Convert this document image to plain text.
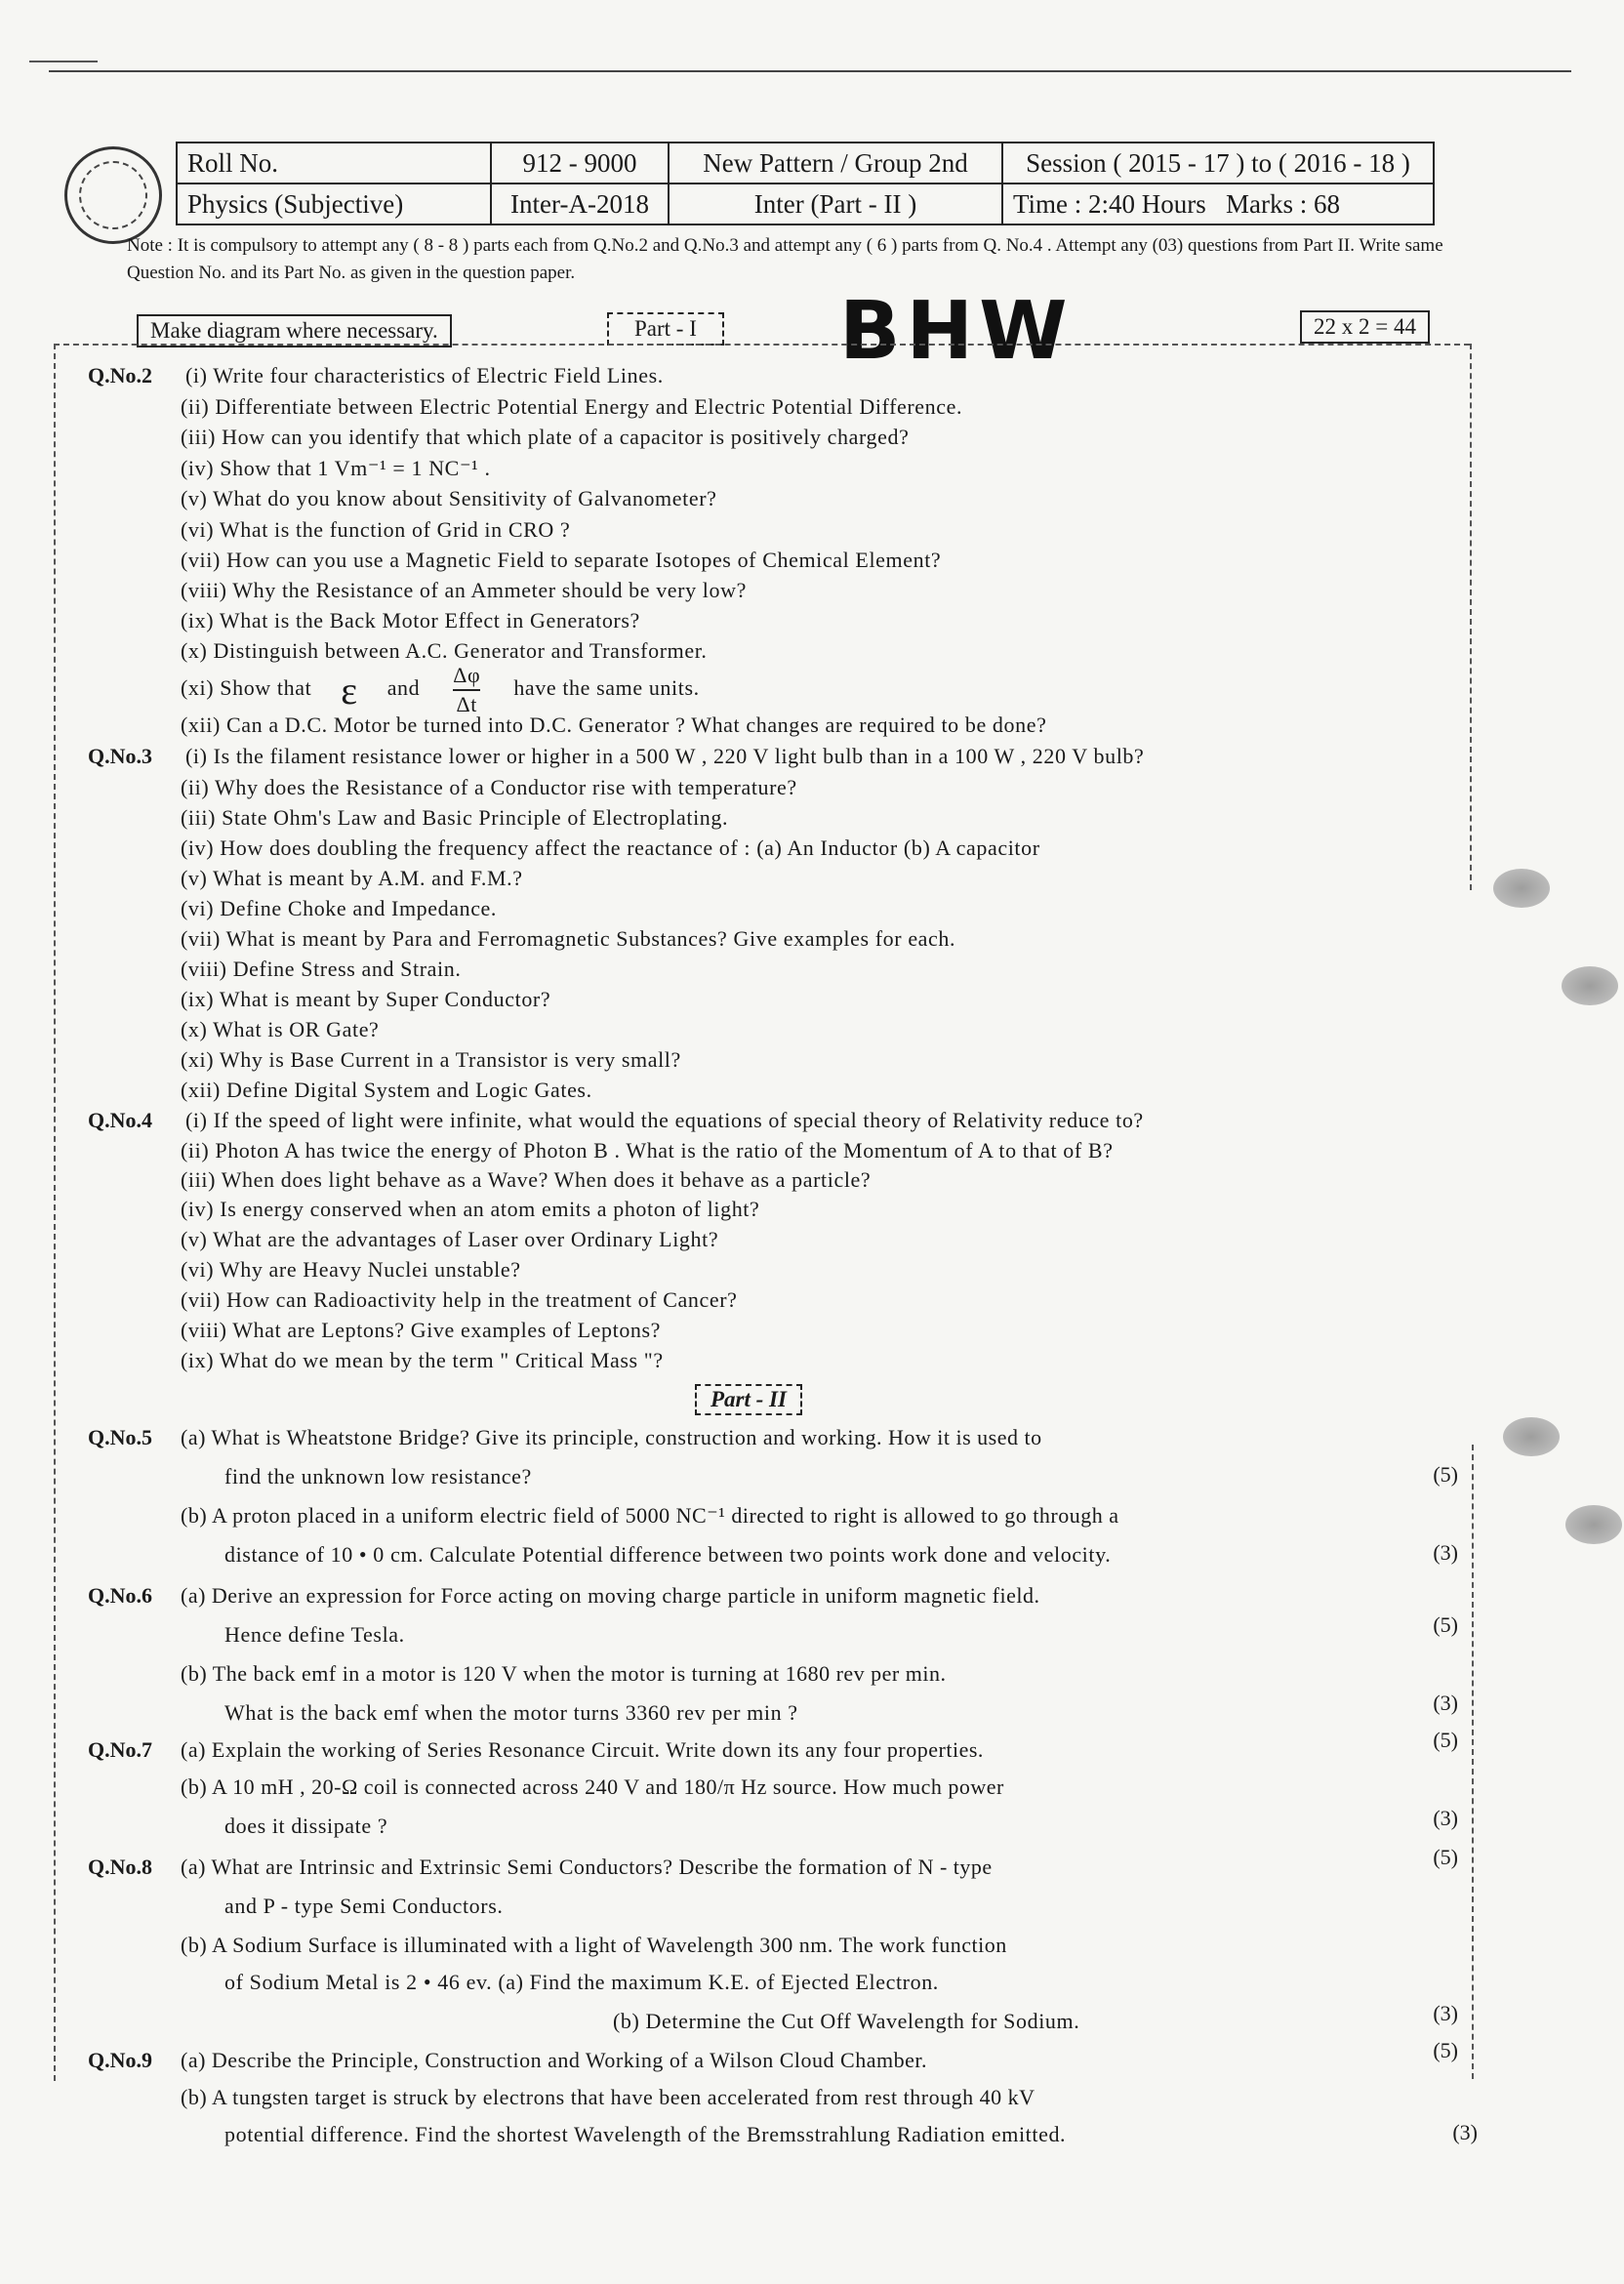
Roll No.	912 - 9000	New Pattern / Group 2nd	Session ( 2015 - 17 ) to ( 2016 - 18 )
Physics (Subjective)	Inter-A-2018	Inter (Part - II )	Time : 2:40 Hours Marks : 68
Note : It is compulsory to attempt any ( 8 - 8 ) parts each from Q.No.2 and Q.No.3 and attempt any ( 6 ) parts from Q. No.4 . Attempt any (03) questions from Part II. Write same Question No. and its Part No. as given in the question paper.
Make diagram where necessary.	Part - I	BHW	22 x 2 = 44
Q.No.2 (i) Write four characteristics of Electric Field Lines.
(ii) Differentiate between Electric Potential Energy and Electric Potential Difference.
(iii) How can you identify that which plate of a capacitor is positively charged?
(iv) Show that 1 Vm⁻¹ = 1 NC⁻¹ .
(v) What do you know about Sensitivity of Galvanometer?
(vi) What is the function of Grid in CRO ?
(vii) How can you use a Magnetic Field to separate Isotopes of Chemical Element?
(viii) Why the Resistance of an Ammeter should be very low?
(ix) What is the Back Motor Effect in Generators?
(x) Distinguish between A.C. Generator and Transformer.
(xi) Show that ε and $\frac{\Delta\varphi}{\Delta t}$ have the same units.
(xii) Can a D.C. Motor be turned into D.C. Generator ? What changes are required to be done?
Q.No.3 (i) Is the filament resistance lower or higher in a 500 W , 220 V light bulb than in a 100 W , 220 V bulb?
(ii) Why does the Resistance of a Conductor rise with temperature?
(iii) State Ohm's Law and Basic Principle of Electroplating.
(iv) How does doubling the frequency affect the reactance of : (a) An Inductor (b) A capacitor
(v) What is meant by A.M. and F.M.?
(vi) Define Choke and Impedance.
(vii) What is meant by Para and Ferromagnetic Substances? Give examples for each.
(viii) Define Stress and Strain.
(ix) What is meant by Super Conductor?
(x) What is OR Gate?
(xi) Why is Base Current in a Transistor is very small?
(xii) Define Digital System and Logic Gates.
Q.No.4 (i) If the speed of light were infinite, what would the equations of special theory of Relativity reduce to?
(ii) Photon A has twice the energy of Photon B . What is the ratio of the Momentum of A to that of B?
(iii) When does light behave as a Wave? When does it behave as a particle?
(iv) Is energy conserved when an atom emits a photon of light?
(v) What are the advantages of Laser over Ordinary Light?
(vi) Why are Heavy Nuclei unstable?
(vii) How can Radioactivity help in the treatment of Cancer?
(viii) What are Leptons? Give examples of Leptons?
(ix) What do we mean by the term " Critical Mass "?
Part - II
Q.No.5 (a) What is Wheatstone Bridge? Give its principle, construction and working. How it is used to
find the unknown low resistance?	(5)
(b) A proton placed in a uniform electric field of 5000 NC⁻¹ directed to right is allowed to go through a
distance of 10 • 0 cm. Calculate Potential difference between two points work done and velocity.	(3)
Q.No.6 (a) Derive an expression for Force acting on moving charge particle in uniform magnetic field.
Hence define Tesla.	(5)
(b) The back emf in a motor is 120 V when the motor is turning at 1680 rev per min.
What is the back emf when the motor turns 3360 rev per min ?	(3)
Q.No.7 (a) Explain the working of Series Resonance Circuit. Write down its any four properties.	(5)
(b) A 10 mH , 20-Ω coil is connected across 240 V and 180/π Hz source. How much power
does it dissipate ?	(3)
Q.No.8 (a) What are Intrinsic and Extrinsic Semi Conductors? Describe the formation of N - type
and P - type Semi Conductors.
(5)
(b) A Sodium Surface is illuminated with a light of Wavelength 300 nm. The work function
of Sodium Metal is 2 • 46 ev. (a) Find the maximum K.E. of Ejected Electron.
(b) Determine the Cut Off Wavelength for Sodium.	(3)
Q.No.9 (a) Describe the Principle, Construction and Working of a Wilson Cloud Chamber.	(5)
(b) A tungsten target is struck by electrons that have been accelerated from rest through 40 kV
potential difference. Find the shortest Wavelength of the Bremsstrahlung Radiation emitted.	(3)
